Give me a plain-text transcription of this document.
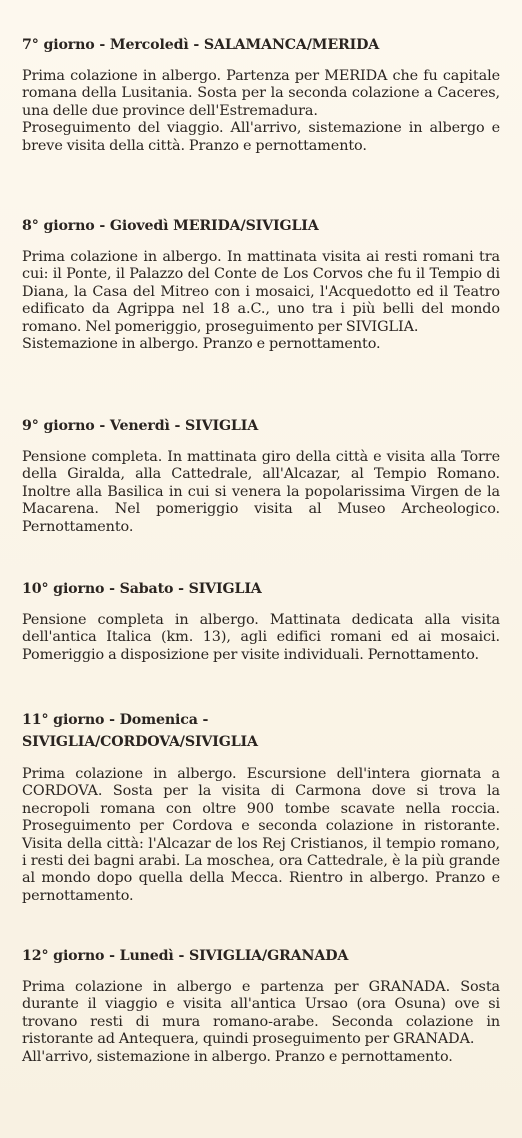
7° giorno - Mercoledì - SALAMANCA/MERIDA

Prima colazione in albergo. Partenza per MERIDA che fu capitale romana della Lusitania. Sosta per la seconda colazione a Caceres, una delle due province dell'Estremadura.

Proseguimento del viaggio. All'arrivo, sistemazione in albergo e breve visita della città. Pranzo e pernottamento.

8° giorno - Giovedì MERIDA/SIVIGLIA

Prima colazione in albergo. In mattinata visita ai resti romani tra cui: il Ponte, il Palazzo del Conte de Los Corvos che fu il Tempio di Diana, la Casa del Mitreo con i mosaici, l'Acquedotto ed il Teatro edificato da Agrippa nel 18 a.C., uno tra i più belli del mondo romano. Nel pomeriggio, proseguimento per SIVIGLIA.

Sistemazione in albergo. Pranzo e pernottamento.

9° giorno - Venerdì - SIVIGLIA

Pensione completa. In mattinata giro della città e visita alla Torre della Giralda, alla Cattedrale, all'Alcazar, al Tempio Romano. Inoltre alla Basilica in cui si venera la popolarissima Virgen de la Macarena. Nel pomeriggio visita al Museo Archeologico. Pernottamento.

10° giorno - Sabato - SIVIGLIA

Pensione completa in albergo. Mattinata dedicata alla visita dell'antica Italica (km. 13), agli edifici romani ed ai mosaici. Pomeriggio a disposizione per visite individuali. Pernottamento.

11° giorno - Domenica -
SIVIGLIA/CORDOVA/SIVIGLIA

Prima colazione in albergo. Escursione dell'intera giornata a CORDOVA. Sosta per la visita di Carmona dove si trova la necropoli romana con oltre 900 tombe scavate nella roccia. Proseguimento per Cordova e seconda colazione in ristorante. Visita della città: l'Alcazar de los Rej Cristianos, il tempio romano, i resti dei bagni arabi. La moschea, ora Cattedrale, è la più grande al mondo dopo quella della Mecca. Rientro in albergo. Pranzo e pernottamento.

12° giorno - Lunedì - SIVIGLIA/GRANADA

Prima colazione in albergo e partenza per GRANADA. Sosta durante il viaggio e visita all'antica Ursao (ora Osuna) ove si trovano resti di mura romano-arabe. Seconda colazione in ristorante ad Antequera, quindi proseguimento per GRANADA.

All'arrivo, sistemazione in albergo. Pranzo e pernottamento.
